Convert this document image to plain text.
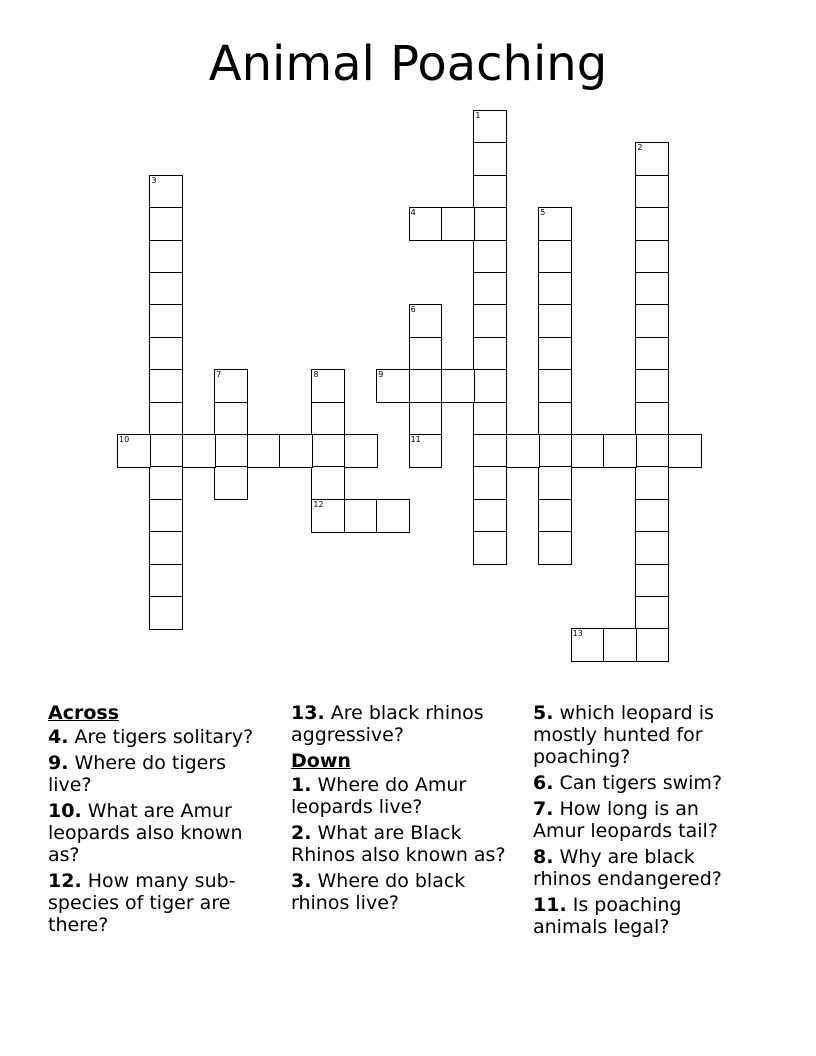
Animal Poaching
1
2
3
4	5
6
11
7	8
12
9
10
13
Across
4. Are tigers solitary?
9. Where do tigers live?
10. What are Amur leopards also known as?
12. How many sub-species of tiger are there?
13. Are black rhinos aggressive?
Down
1. Where do Amur leopards live?
2. What are Black Rhinos also known as?
3. Where do black rhinos live?
5. which leopard is mostly hunted for poaching?
6. Can tigers swim?
7. How long is an Amur leopards tail?
8. Why are black rhinos endangered?
11. Is poaching animals legal?
